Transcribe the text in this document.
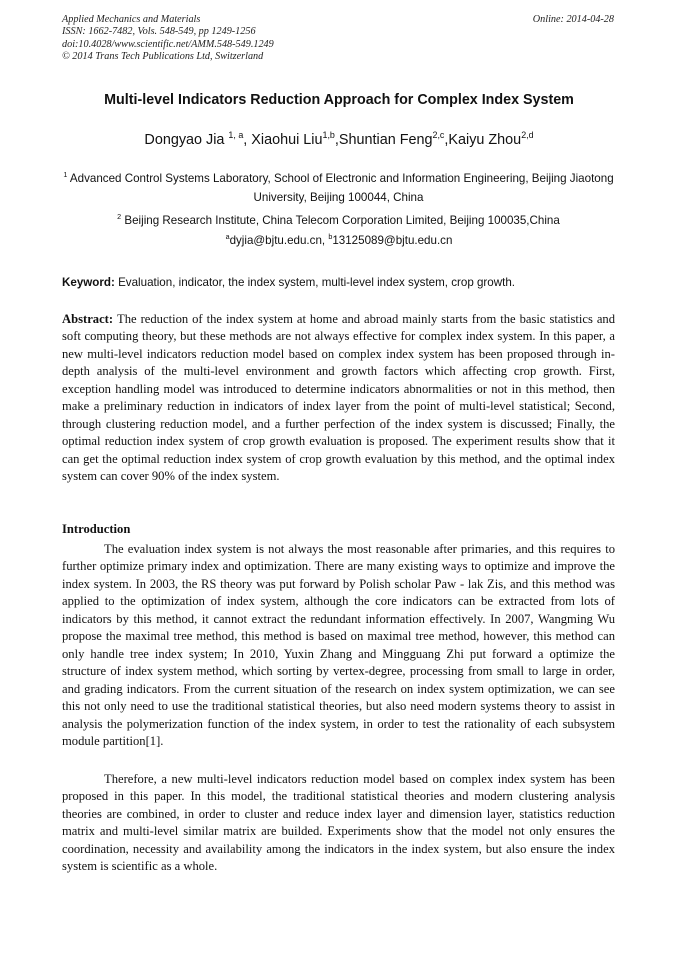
Applied Mechanics and Materials
ISSN: 1662-7482, Vols. 548-549, pp 1249-1256
doi:10.4028/www.scientific.net/AMM.548-549.1249
© 2014 Trans Tech Publications Ltd, Switzerland
Online: 2014-04-28
Multi-level Indicators Reduction Approach for Complex Index System
Dongyao Jia $^{1, a}$, Xiaohui Liu$^{1,b}$,Shuntian Feng$^{2,c}$,Kaiyu Zhou$^{2,d}$
$^1$ Advanced Control Systems Laboratory, School of Electronic and Information Engineering, Beijing Jiaotong University, Beijing 100044, China
$^2$ Beijing Research Institute, China Telecom Corporation Limited, Beijing 100035,China
$^a$dyjia@bjtu.edu.cn, $^b$13125089@bjtu.edu.cn
Keyword: Evaluation, indicator, the index system, multi-level index system, crop growth.
Abstract: The reduction of the index system at home and abroad mainly starts from the basic statistics and soft computing theory, but these methods are not always effective for complex index system. In this paper, a new multi-level indicators reduction model based on complex index system has been proposed through in-depth analysis of the multi-level environment and growth factors which affecting crop growth. First, exception handling model was introduced to determine indicators abnormalities or not in this method, then make a preliminary reduction in indicators of index layer from the point of multi-level statistical; Second, through clustering reduction model, and a further perfection of the index system is discussed; Finally, the optimal reduction index system of crop growth evaluation is proposed. The experiment results show that it can get the optimal reduction index system of crop growth evaluation by this method, and the optimal index system can cover 90% of the index system.
Introduction

The evaluation index system is not always the most reasonable after primaries, and this requires to further optimize primary index and optimization. There are many existing ways to optimize and improve the index system. In 2003, the RS theory was put forward by Polish scholar Paw - lak Zis, and this method was applied to the optimization of index system, although the core indicators can be extracted from lots of indicators by this method, it cannot extract the redundant information effectively. In 2007, Wangming Wu propose the maximal tree method, this method is based on maximal tree method, however, this method can only handle tree index system; In 2010, Yuxin Zhang and Mingguang Zhi put forward a optimize the structure of index system method, which sorting by vertex-degree, processing from small to large in order, and grading indicators. From the current situation of the research on index system optimization, we can see this not only need to use the traditional statistical theories, but also need modern systems theory to assist in analysis the polymerization function of the index system, in order to test the rationality of each subsystem module partition[1].

Therefore, a new multi-level indicators reduction model based on complex index system has been proposed in this paper. In this model, the traditional statistical theories and modern clustering analysis theories are combined, in order to cluster and reduce index layer and dimension layer, statistics reduction matrix and multi-level similar matrix are builded. Experiments show that the model not only ensures the coordination, necessity and availability among the indicators in the index system, but also ensure the index system is scientific as a whole.
